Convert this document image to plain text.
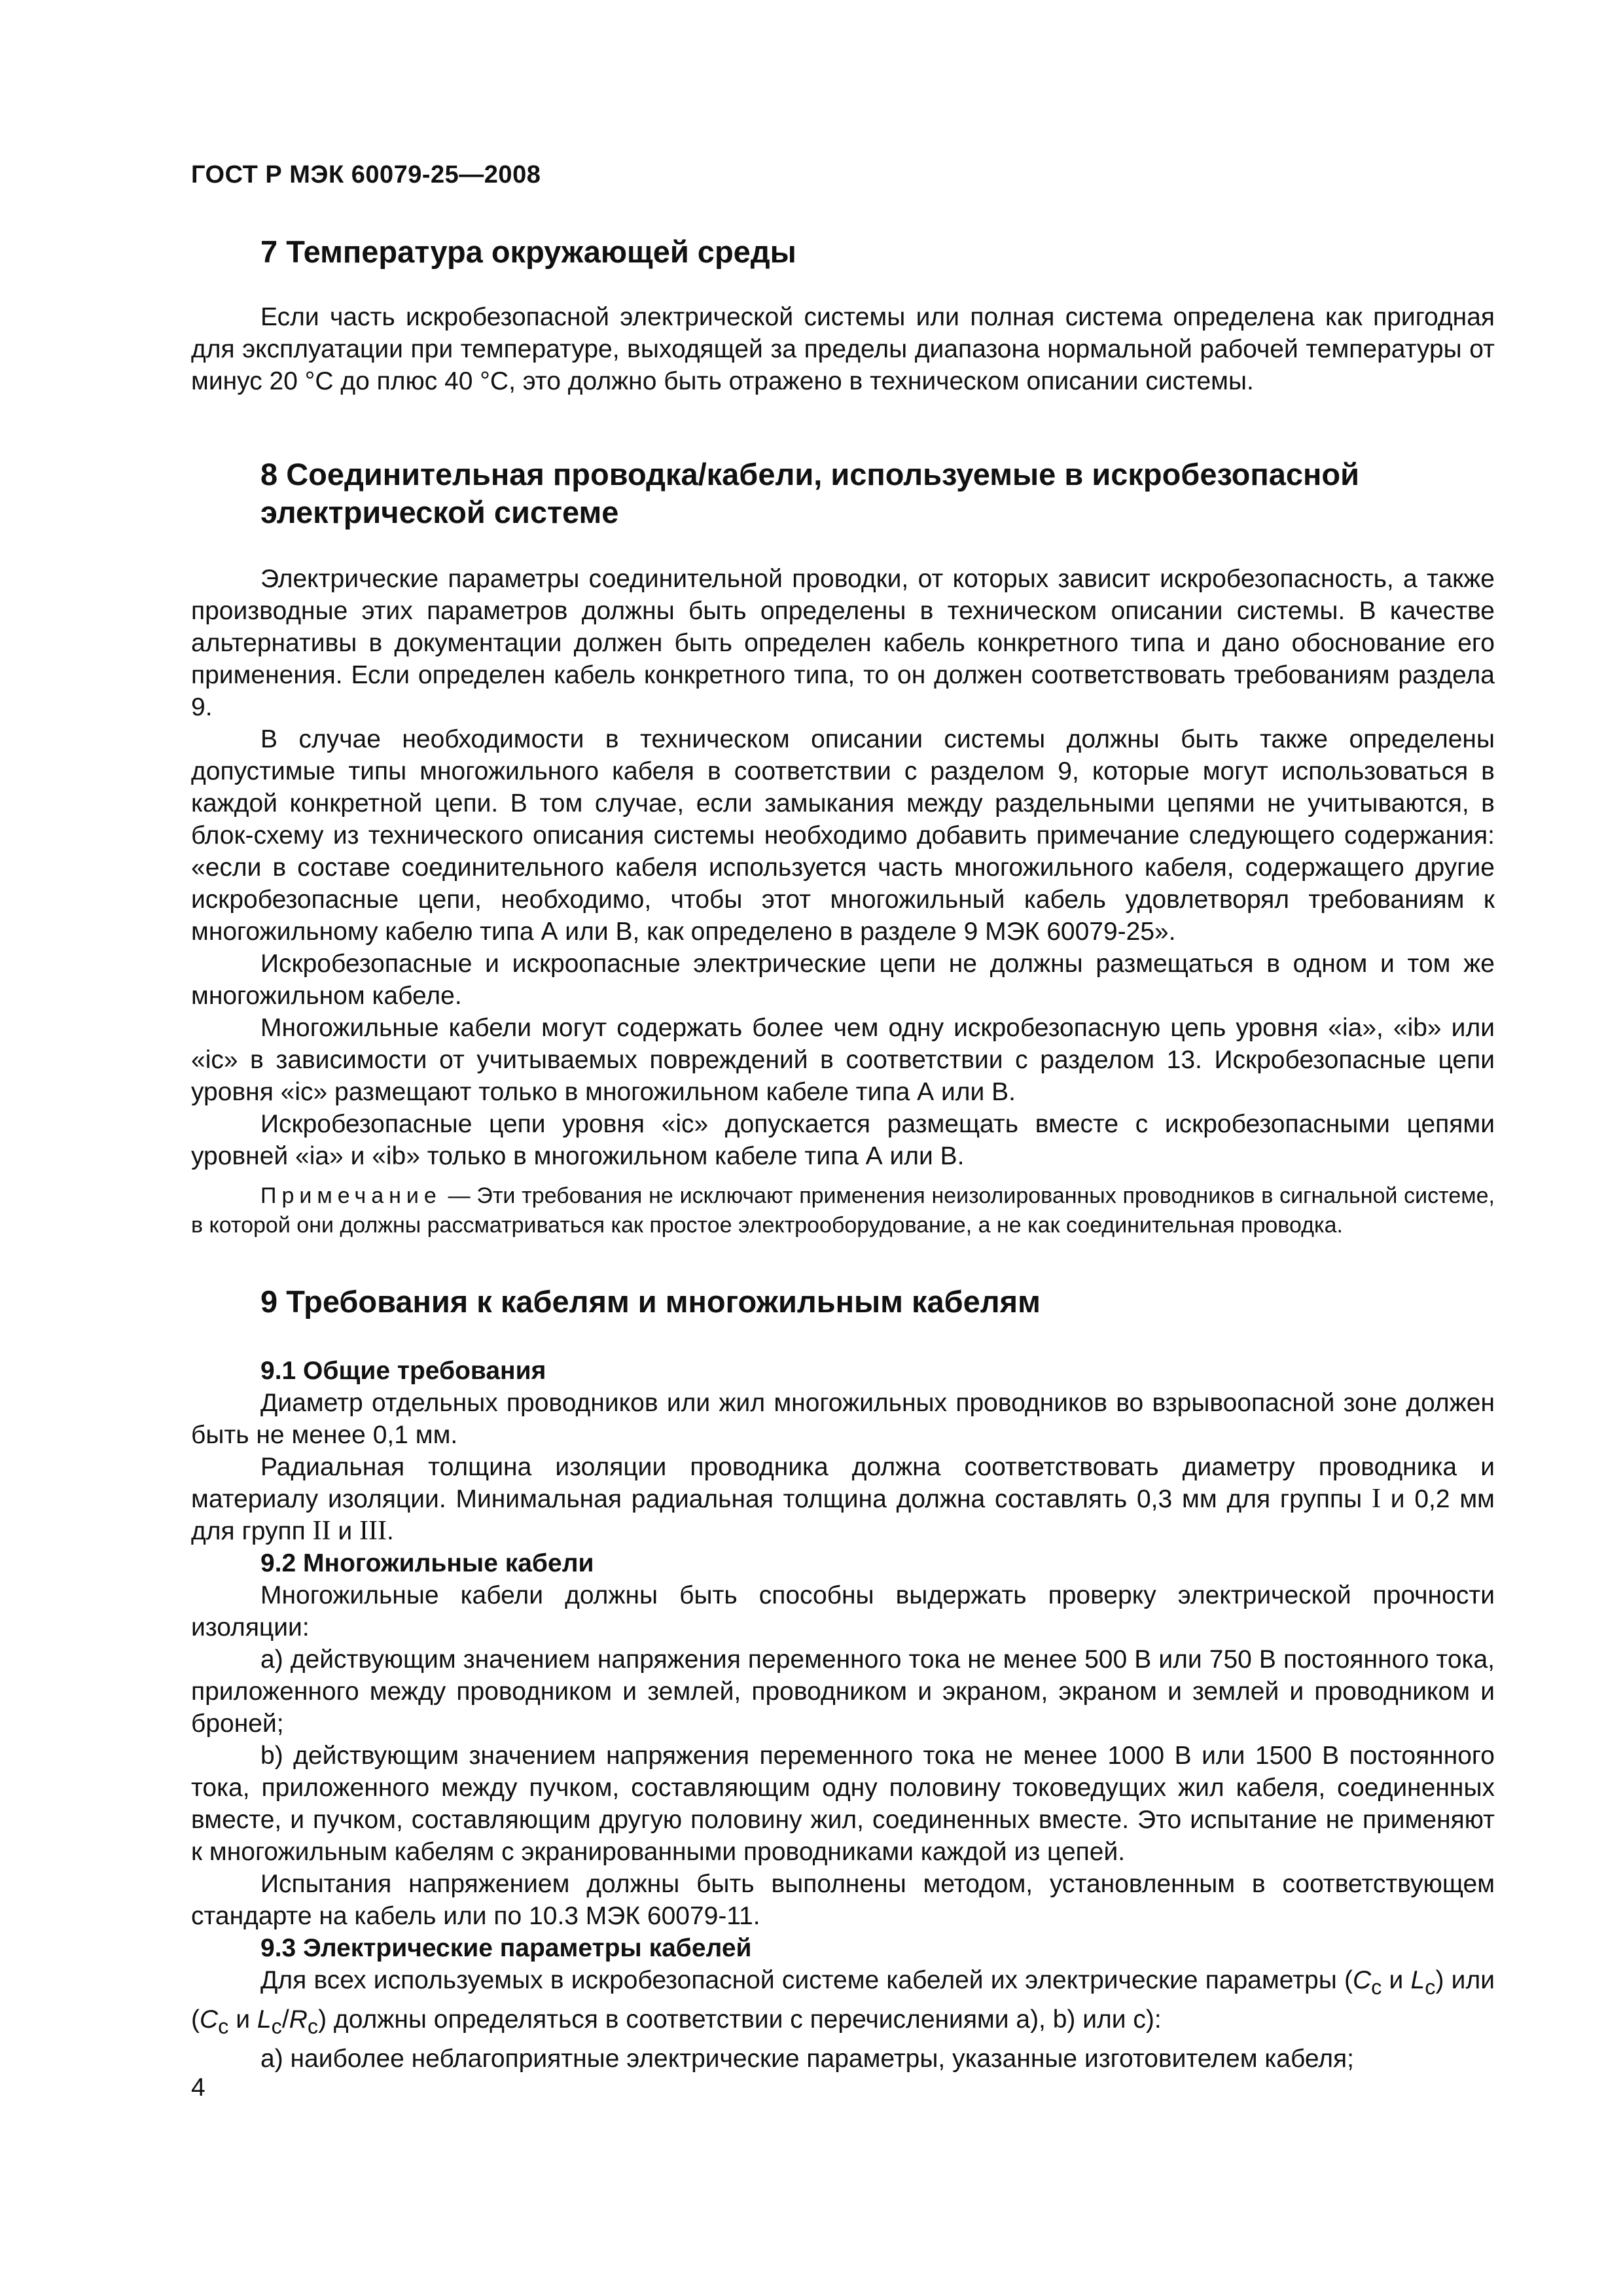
ГОСТ Р МЭК 60079-25—2008
7 Температура окружающей среды

Если часть искробезопасной электрической системы или полная система определена как пригодная для эксплуатации при температуре, выходящей за пределы диапазона нормальной рабочей температуры от минус 20 °С до плюс 40 °С, это должно быть отражено в техническом описании системы.

8 Соединительная проводка/кабели, используемые в искробезопасной
электрической системе

Электрические параметры соединительной проводки, от которых зависит искробезопасность, а также производные этих параметров должны быть определены в техническом описании системы. В качестве альтернативы в документации должен быть определен кабель конкретного типа и дано обоснование его применения. Если определен кабель конкретного типа, то он должен соответствовать требованиям раздела 9.

В случае необходимости в техническом описании системы должны быть также определены допустимые типы многожильного кабеля в соответствии с разделом 9, которые могут использоваться в каждой конкретной цепи. В том случае, если замыкания между раздельными цепями не учитываются, в блок-схему из технического описания системы необходимо добавить примечание следующего содержания: «если в составе соединительного кабеля используется часть многожильного кабеля, содержащего другие искробезопасные цепи, необходимо, чтобы этот многожильный кабель удовлетворял требованиям к многожильному кабелю типа А или В, как определено в разделе 9 МЭК 60079-25».

Искробезопасные и искроопасные электрические цепи не должны размещаться в одном и том же многожильном кабеле.

Многожильные кабели могут содержать более чем одну искробезопасную цепь уровня «ia», «ib» или «ic» в зависимости от учитываемых повреждений в соответствии с разделом 13. Искробезопасные цепи уровня «ic» размещают только в многожильном кабеле типа А или В.

Искробезопасные цепи уровня «ic» допускается размещать вместе с искробезопасными цепями уровней «ia» и «ib» только в многожильном кабеле типа А или В.

Примечание — Эти требования не исключают применения неизолированных проводников в сигнальной системе, в которой они должны рассматриваться как простое электрооборудование, а не как соединительная проводка.

9 Требования к кабелям и многожильным кабелям
9.1 Общие требования

Диаметр отдельных проводников или жил многожильных проводников во взрывоопасной зоне должен быть не менее 0,1 мм.

Радиальная толщина изоляции проводника должна соответствовать диаметру проводника и материалу изоляции. Минимальная радиальная толщина должна составлять 0,3 мм для группы I и 0,2 мм для групп II и III.

9.2 Многожильные кабели

Многожильные кабели должны быть способны выдержать проверку электрической прочности изоляции:

а) действующим значением напряжения переменного тока не менее 500 В или 750 В постоянного тока, приложенного между проводником и землей, проводником и экраном, экраном и землей и проводником и броней;

b) действующим значением напряжения переменного тока не менее 1000 В или 1500 В постоянного тока, приложенного между пучком, составляющим одну половину токоведущих жил кабеля, соединенных вместе, и пучком, составляющим другую половину жил, соединенных вместе. Это испытание не применяют к многожильным кабелям с экранированными проводниками каждой из цепей.

Испытания напряжением должны быть выполнены методом, установленным в соответствующем стандарте на кабель или по 10.3 МЭК 60079-11.

9.3 Электрические параметры кабелей

Для всех используемых в искробезопасной системе кабелей их электрические параметры ($C_c$ и $L_c$) или ($C_c$ и $L_c/R_c$) должны определяться в соответствии с перечислениями а), b) или с):

а) наиболее неблагоприятные электрические параметры, указанные изготовителем кабеля;

4
